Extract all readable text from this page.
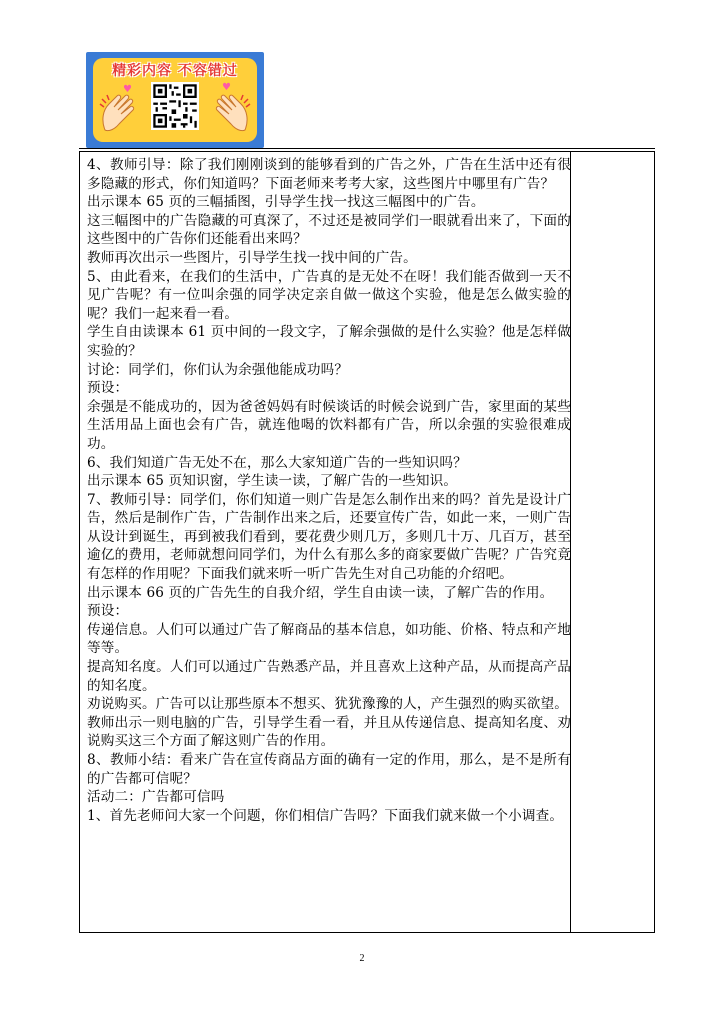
精彩内容 不容错过
♥	♥

4、教师引导：除了我们刚刚谈到的能够看到的广告之外，广告在生活中还有很多隐藏的形式，你们知道吗？下面老师来考考大家，这些图片中哪里有广告？

出示课本 65 页的三幅插图，引导学生找一找这三幅图中的广告。

这三幅图中的广告隐藏的可真深了，不过还是被同学们一眼就看出来了，下面的这些图中的广告你们还能看出来吗？

教师再次出示一些图片，引导学生找一找中间的广告。

5、由此看来，在我们的生活中，广告真的是无处不在呀！我们能否做到一天不见广告呢？有一位叫余强的同学决定亲自做一做这个实验，他是怎么做实验的呢？我们一起来看一看。

学生自由读课本 61 页中间的一段文字，了解余强做的是什么实验？他是怎样做实验的？

讨论：同学们，你们认为余强他能成功吗？

预设：

余强是不能成功的，因为爸爸妈妈有时候谈话的时候会说到广告，家里面的某些生活用品上面也会有广告，就连他喝的饮料都有广告，所以余强的实验很难成功。

6、我们知道广告无处不在，那么大家知道广告的一些知识吗？

出示课本 65 页知识窗，学生读一读，了解广告的一些知识。

7、教师引导：同学们，你们知道一则广告是怎么制作出来的吗？首先是设计广告，然后是制作广告，广告制作出来之后，还要宣传广告，如此一来，一则广告从设计到诞生，再到被我们看到，要花费少则几万，多则几十万、几百万，甚至逾亿的费用，老师就想问同学们，为什么有那么多的商家要做广告呢？广告究竟有怎样的作用呢？下面我们就来听一听广告先生对自己功能的介绍吧。

出示课本 66 页的广告先生的自我介绍，学生自由读一读，了解广告的作用。

预设：

传递信息。人们可以通过广告了解商品的基本信息，如功能、价格、特点和产地等等。

提高知名度。人们可以通过广告熟悉产品，并且喜欢上这种产品，从而提高产品的知名度。

劝说购买。广告可以让那些原本不想买、犹犹豫豫的人，产生强烈的购买欲望。

教师出示一则电脑的广告，引导学生看一看，并且从传递信息、提高知名度、劝说购买这三个方面了解这则广告的作用。

8、教师小结：看来广告在宣传商品方面的确有一定的作用，那么，是不是所有的广告都可信呢？

活动二：广告都可信吗

1、首先老师问大家一个问题，你们相信广告吗？下面我们就来做一个小调查。

2
